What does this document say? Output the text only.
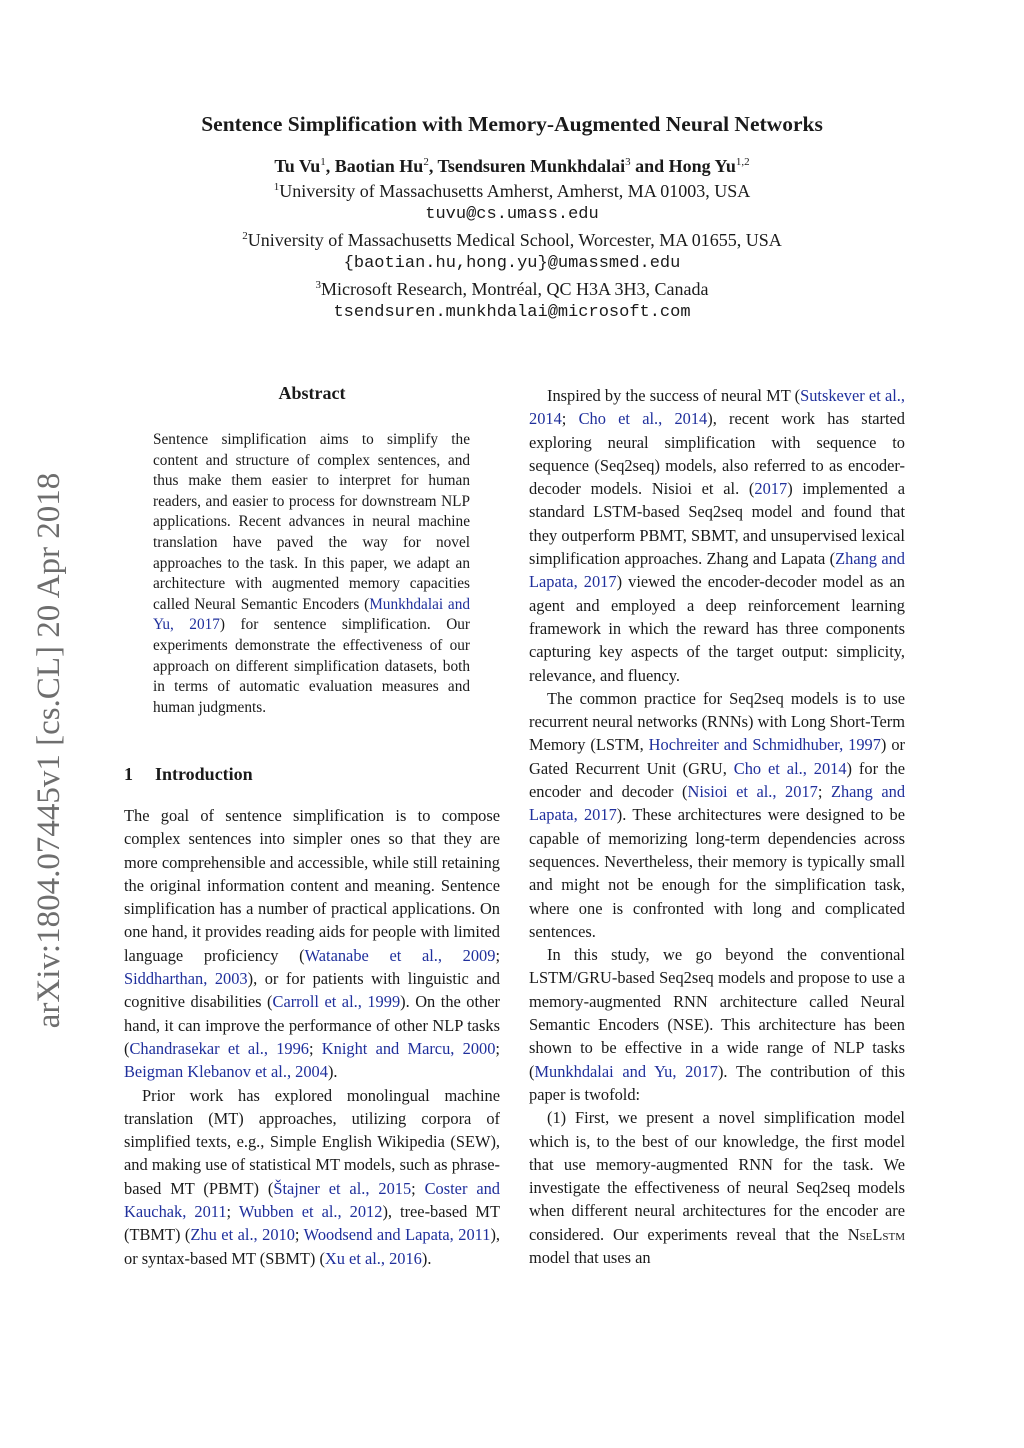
arXiv:1804.07445v1 [cs.CL] 20 Apr 2018
Sentence Simplification with Memory-Augmented Neural Networks
Tu Vu$^1$, Baotian Hu$^2$, Tsendsuren Munkhdalai$^3$ and Hong Yu$^{1,2}$
$^1$University of Massachusetts Amherst, Amherst, MA 01003, USA
tuvu@cs.umass.edu
$^2$University of Massachusetts Medical School, Worcester, MA 01655, USA
{baotian.hu,hong.yu}@umassmed.edu
$^3$Microsoft Research, Montréal, QC H3A 3H3, Canada
tsendsuren.munkhdalai@microsoft.com
Abstract
Sentence simplification aims to simplify the content and structure of complex sentences, and thus make them easier to interpret for human readers, and easier to process for downstream NLP applications. Recent advances in neural machine translation have paved the way for novel approaches to the task. In this paper, we adapt an architecture with augmented memory capacities called Neural Semantic Encoders (Munkhdalai and Yu, 2017) for sentence simplification. Our experiments demonstrate the effectiveness of our approach on different simplification datasets, both in terms of automatic evaluation measures and human judgments.
1 Introduction

The goal of sentence simplification is to compose complex sentences into simpler ones so that they are more comprehensible and accessible, while still retaining the original information content and meaning. Sentence simplification has a number of practical applications. On one hand, it provides reading aids for people with limited language proficiency (Watanabe et al., 2009; Siddharthan, 2003), or for patients with linguistic and cognitive disabilities (Carroll et al., 1999). On the other hand, it can improve the performance of other NLP tasks (Chandrasekar et al., 1996; Knight and Marcu, 2000; Beigman Klebanov et al., 2004).

Prior work has explored monolingual machine translation (MT) approaches, utilizing corpora of simplified texts, e.g., Simple English Wikipedia (SEW), and making use of statistical MT models, such as phrase-based MT (PBMT) (Štajner et al., 2015; Coster and Kauchak, 2011; Wubben et al., 2012), tree-based MT (TBMT) (Zhu et al., 2010; Woodsend and Lapata, 2011), or syntax-based MT (SBMT) (Xu et al., 2016).

Inspired by the success of neural MT (Sutskever et al., 2014; Cho et al., 2014), recent work has started exploring neural simplification with sequence to sequence (Seq2seq) models, also referred to as encoder-decoder models. Nisioi et al. (2017) implemented a standard LSTM-based Seq2seq model and found that they outperform PBMT, SBMT, and unsupervised lexical simplification approaches. Zhang and Lapata (Zhang and Lapata, 2017) viewed the encoder-decoder model as an agent and employed a deep reinforcement learning framework in which the reward has three components capturing key aspects of the target output: simplicity, relevance, and fluency.

The common practice for Seq2seq models is to use recurrent neural networks (RNNs) with Long Short-Term Memory (LSTM, Hochreiter and Schmidhuber, 1997) or Gated Recurrent Unit (GRU, Cho et al., 2014) for the encoder and decoder (Nisioi et al., 2017; Zhang and Lapata, 2017). These architectures were designed to be capable of memorizing long-term dependencies across sequences. Nevertheless, their memory is typically small and might not be enough for the simplification task, where one is confronted with long and complicated sentences.

In this study, we go beyond the conventional LSTM/GRU-based Seq2seq models and propose to use a memory-augmented RNN architecture called Neural Semantic Encoders (NSE). This architecture has been shown to be effective in a wide range of NLP tasks (Munkhdalai and Yu, 2017). The contribution of this paper is twofold:

(1) First, we present a novel simplification model which is, to the best of our knowledge, the first model that use memory-augmented RNN for the task. We investigate the effectiveness of neural Seq2seq models when different neural architectures for the encoder are considered. Our experiments reveal that the NseLstm model that uses an
